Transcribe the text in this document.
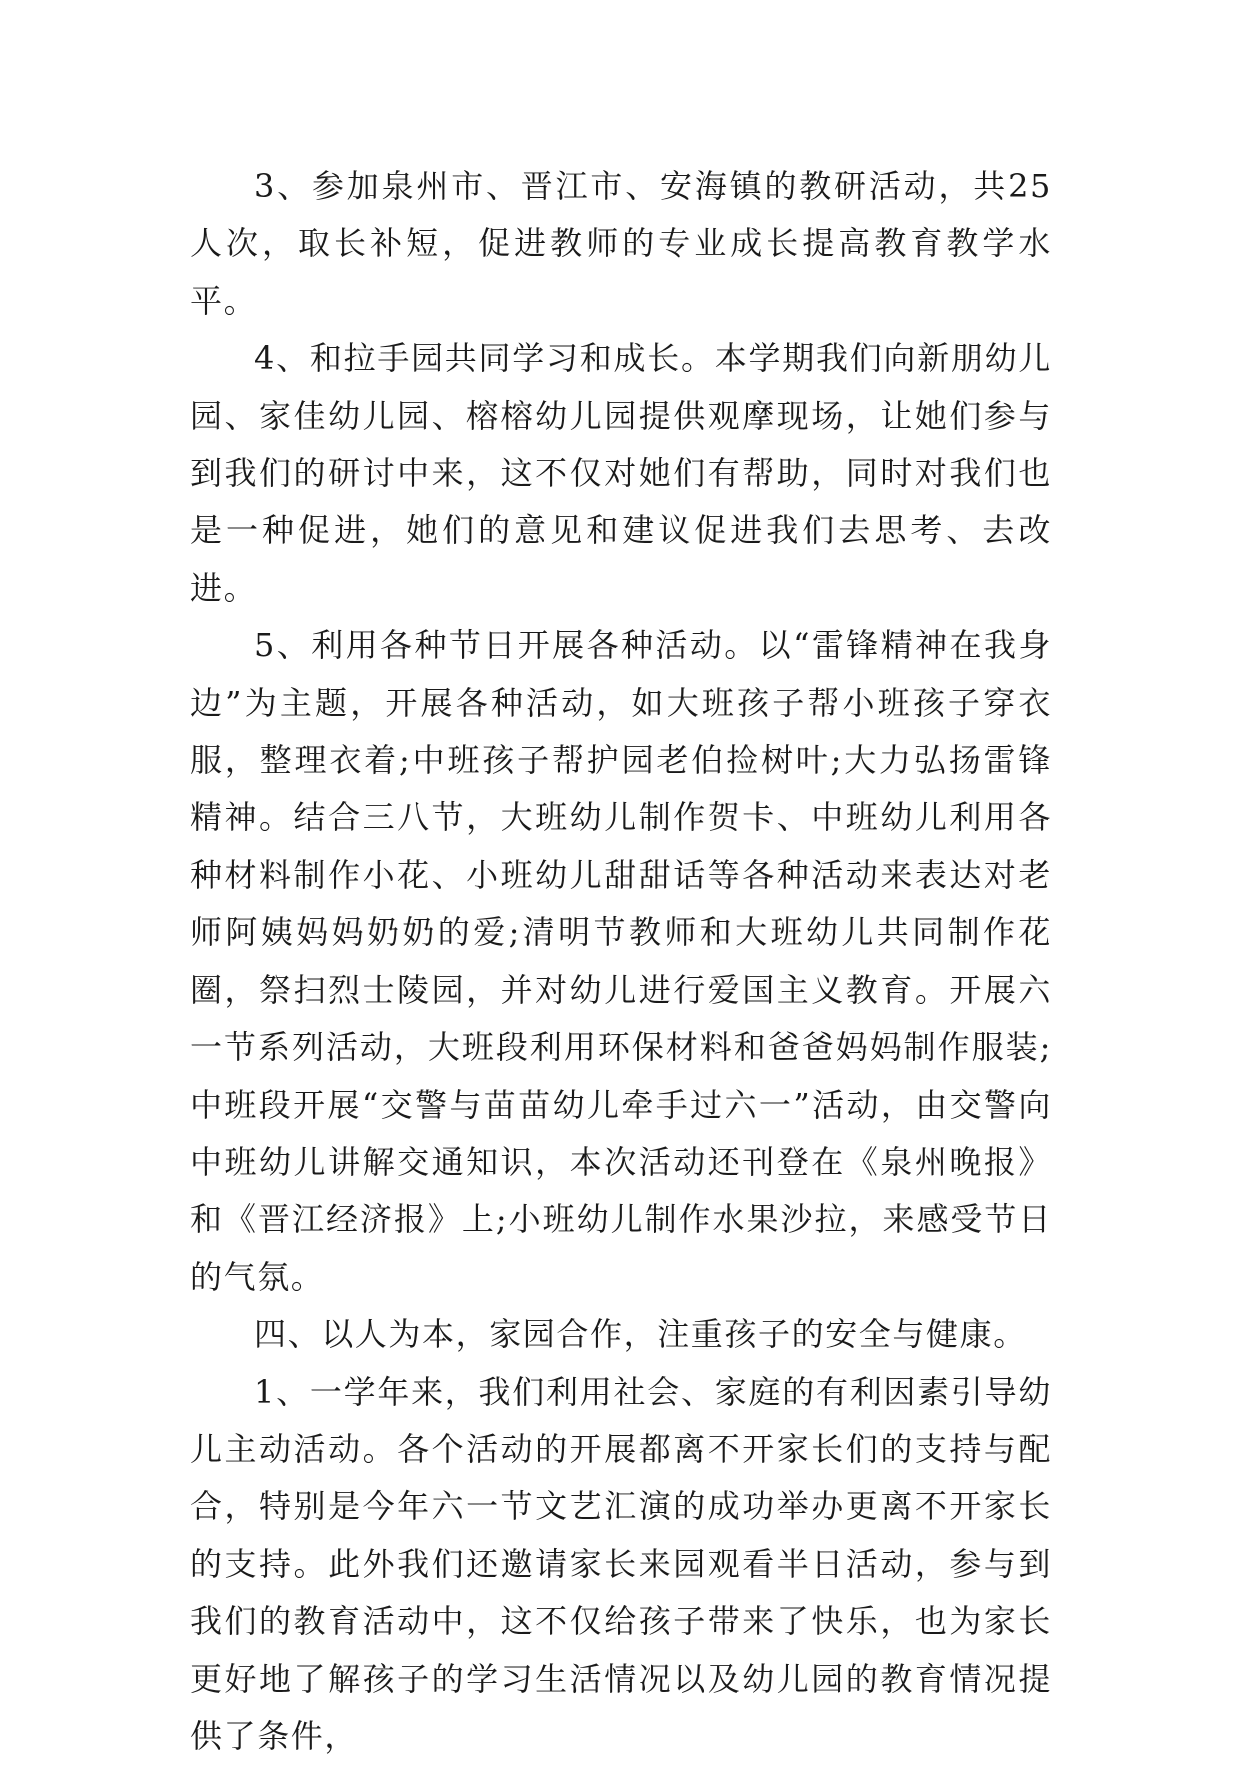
3、参加泉州市、晋江市、安海镇的教研活动，共25人次，取长补短，促进教师的专业成长提高教育教学水平。

4、和拉手园共同学习和成长。本学期我们向新朋幼儿园、家佳幼儿园、榕榕幼儿园提供观摩现场，让她们参与到我们的研讨中来，这不仅对她们有帮助，同时对我们也是一种促进，她们的意见和建议促进我们去思考、去改进。

5、利用各种节日开展各种活动。以“雷锋精神在我身边”为主题，开展各种活动，如大班孩子帮小班孩子穿衣服，整理衣着;中班孩子帮护园老伯捡树叶;大力弘扬雷锋精神。结合三八节，大班幼儿制作贺卡、中班幼儿利用各种材料制作小花、小班幼儿甜甜话等各种活动来表达对老师阿姨妈妈奶奶的爱;清明节教师和大班幼儿共同制作花圈，祭扫烈士陵园，并对幼儿进行爱国主义教育。开展六一节系列活动，大班段利用环保材料和爸爸妈妈制作服装;中班段开展“交警与苗苗幼儿牵手过六一”活动，由交警向中班幼儿讲解交通知识，本次活动还刊登在《泉州晚报》和《晋江经济报》上;小班幼儿制作水果沙拉，来感受节日的气氛。

四、以人为本，家园合作，注重孩子的安全与健康。

1、一学年来，我们利用社会、家庭的有利因素引导幼儿主动活动。各个活动的开展都离不开家长们的支持与配合，特别是今年六一节文艺汇演的成功举办更离不开家长的支持。此外我们还邀请家长来园观看半日活动，参与到我们的教育活动中，这不仅给孩子带来了快乐，也为家长更好地了解孩子的学习生活情况以及幼儿园的教育情况提供了条件，
